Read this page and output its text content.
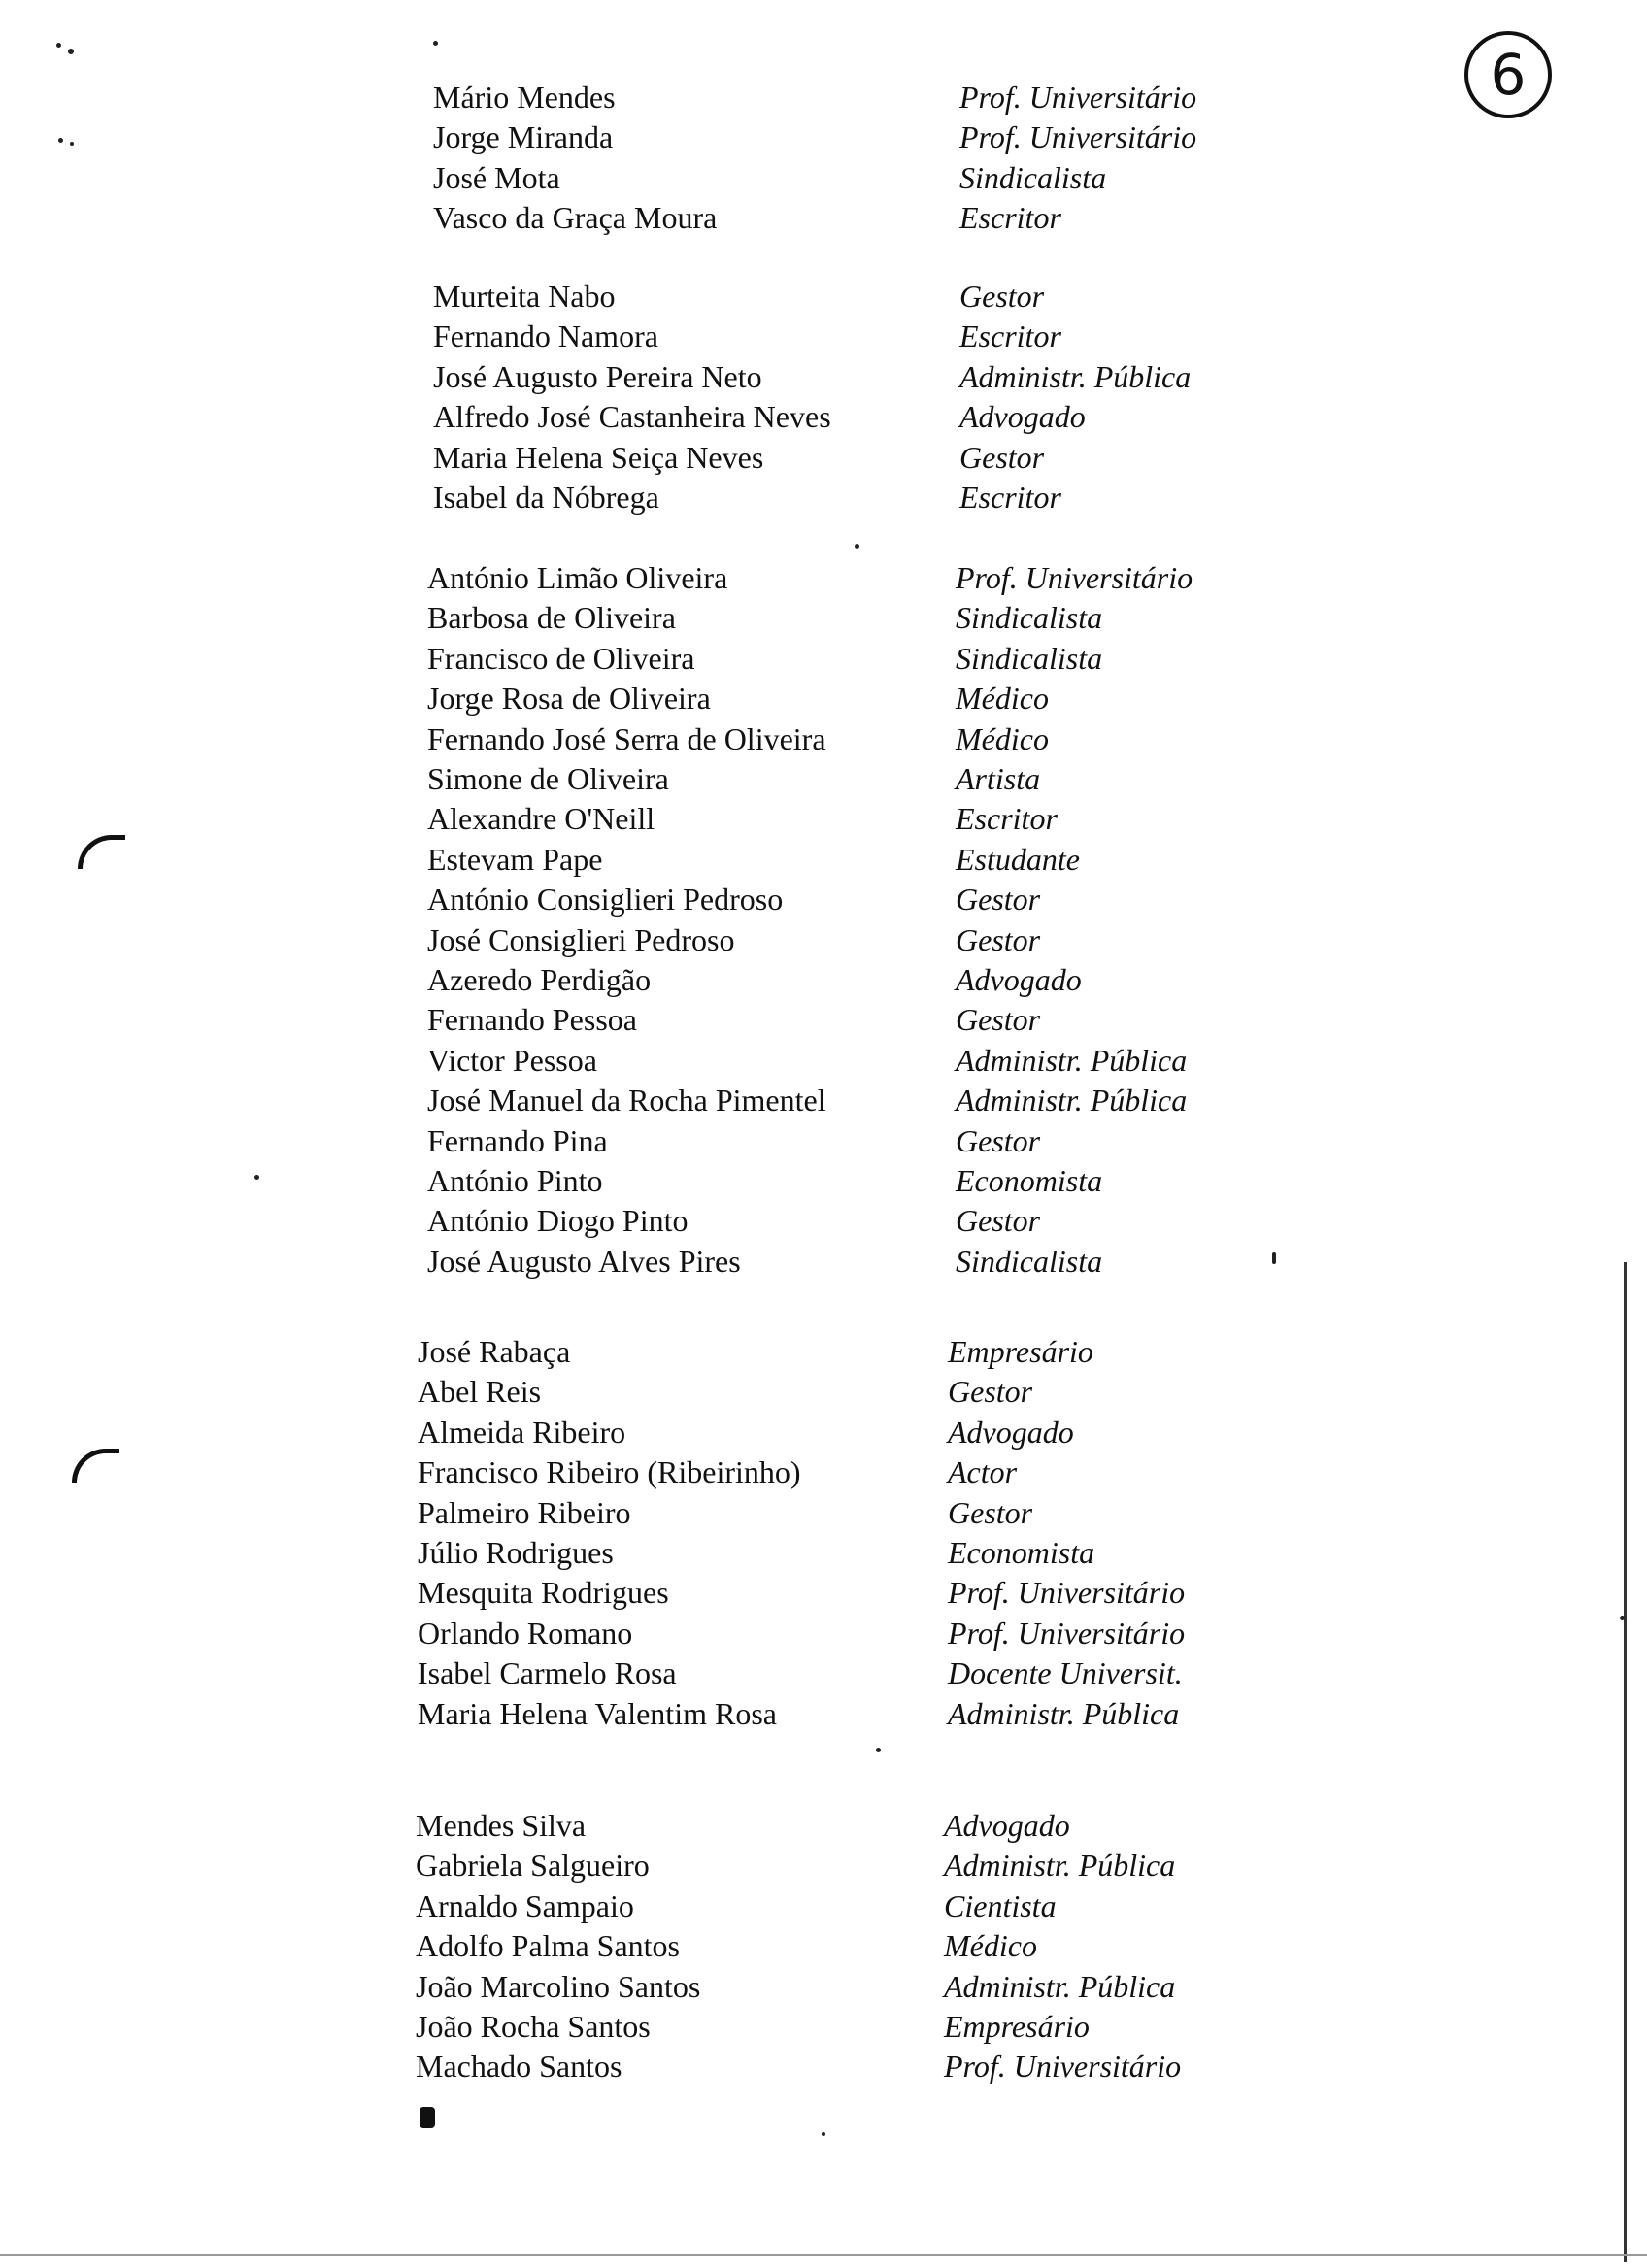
6
Mário Mendes	Prof. Universitário
Jorge Miranda	Prof. Universitário
José Mota	Sindicalista
Vasco da Graça Moura	Escritor
Murteita Nabo	Gestor
Fernando Namora	Escritor
José Augusto Pereira Neto	Administr. Pública
Alfredo José Castanheira Neves	Advogado
Maria Helena Seiça Neves	Gestor
Isabel da Nóbrega	Escritor
António Limão Oliveira	Prof. Universitário
Barbosa de Oliveira	Sindicalista
Francisco de Oliveira	Sindicalista
Jorge Rosa de Oliveira	Médico
Fernando José Serra de Oliveira	Médico
Simone de Oliveira	Artista
Alexandre O'Neill	Escritor
Estevam Pape	Estudante
António Consiglieri Pedroso	Gestor
José Consiglieri Pedroso	Gestor
Azeredo Perdigão	Advogado
Fernando Pessoa	Gestor
Victor Pessoa	Administr. Pública
José Manuel da Rocha Pimentel	Administr. Pública
Fernando Pina	Gestor
António Pinto	Economista
António Diogo Pinto	Gestor
José Augusto Alves Pires	Sindicalista
José Rabaça	Empresário
Abel Reis	Gestor
Almeida Ribeiro	Advogado
Francisco Ribeiro (Ribeirinho)	Actor
Palmeiro Ribeiro	Gestor
Júlio Rodrigues	Economista
Mesquita Rodrigues	Prof. Universitário
Orlando Romano	Prof. Universitário
Isabel Carmelo Rosa	Docente Universit.
Maria Helena Valentim Rosa	Administr. Pública
Mendes Silva	Advogado
Gabriela Salgueiro	Administr. Pública
Arnaldo Sampaio	Cientista
Adolfo Palma Santos	Médico
João Marcolino Santos	Administr. Pública
João Rocha Santos	Empresário
Machado Santos	Prof. Universitário
